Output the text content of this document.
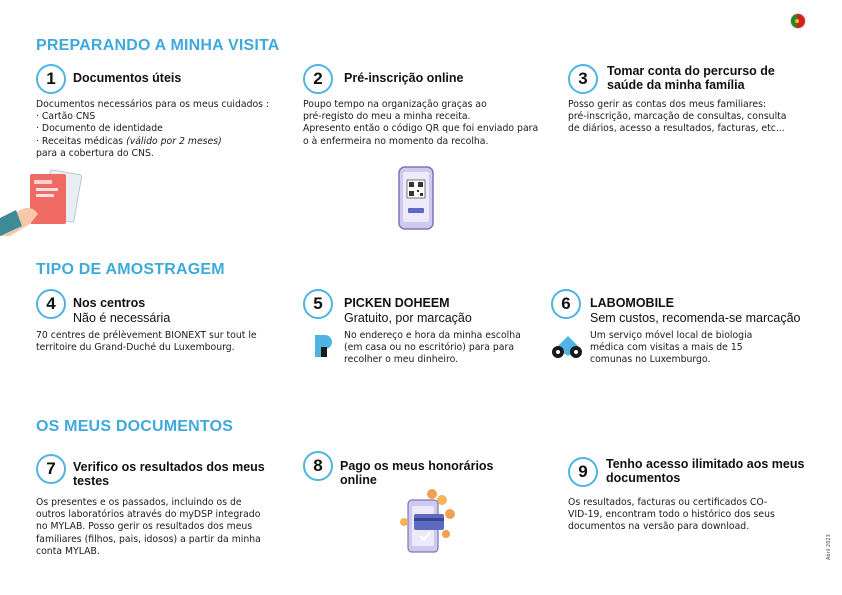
PREPARANDO A MINHA VISITA
1	Documentos úteis
Documentos necessários para os meus cuidados :
· Cartão CNS
· Documento de identidade
· Receitas médicas (válido por 2 meses)
para a cobertura do CNS.
2	Pré-inscrição online
Poupo tempo na organização graças ao
pré-registo do meu a minha receita.
Apresento então o código QR que foi enviado para
o à enfermeira no momento da recolha.
3	Tomar conta do percurso de
saúde da minha família
Posso gerir as contas dos meus familiares:
pré-inscrição, marcação de consultas, consulta
de diários, acesso a resultados, facturas, etc...
TIPO DE AMOSTRAGEM
4	Nos centros
Não é necessária
70 centres de prélèvement BIONEXT sur tout le
territoire du Grand-Duché du Luxembourg.
5	PICKEN DOHEEM
Gratuito, por marcação
No endereço e hora da minha escolha
(em casa ou no escritório) para para
recolher o meu dinheiro.
6	LABOMOBILE
Sem custos, recomenda-se marcação
Um serviço móvel local de biologia
médica com visitas a mais de 15
comunas no Luxemburgo.
OS MEUS DOCUMENTOS
7	Verifico os resultados dos meus
testes
Os presentes e os passados, incluindo os de
outros laboratórios através do myDSP integrado
no MYLAB. Posso gerir os resultados dos meus
familiares (filhos, pais, idosos) a partir da minha
conta MYLAB.
8	Pago os meus honorários
online	9	Tenho acesso ilimitado aos meus
documentos
Os resultados, facturas ou certificados CO-
VID-19, encontram todo o histórico dos seus
documentos na versão para download.
Abril 2023
